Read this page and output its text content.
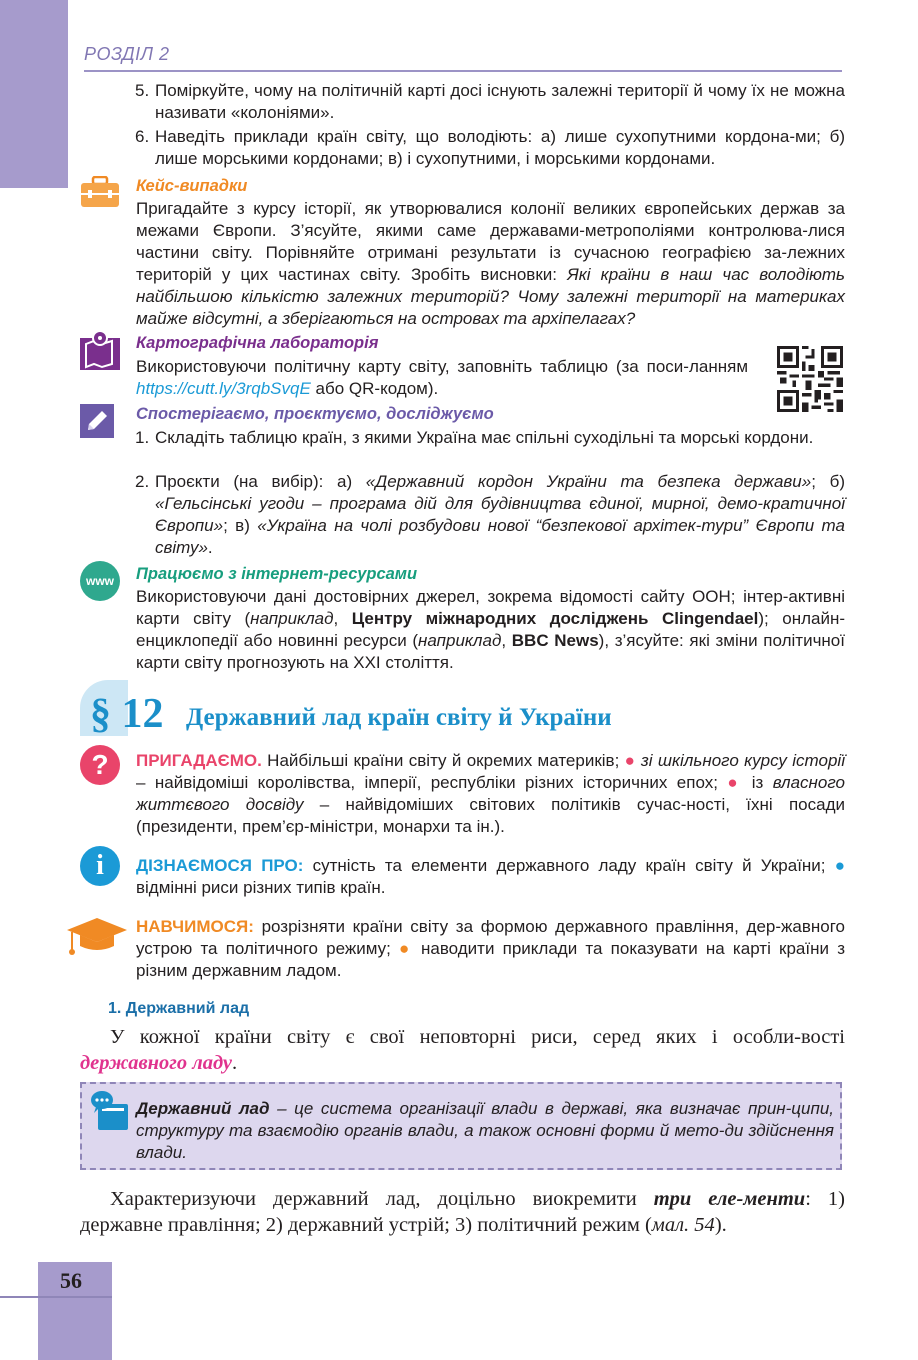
РОЗДІЛ 2
5. Поміркуйте, чому на політичній карті досі існують залежні території й чому їх не можна називати «колоніями».
6. Наведіть приклади країн світу, що володіють: а) лише сухопутними кордона-ми; б) лише морськими кордонами; в) і сухопутними, і морськими кордонами.
Кейс-випадки
Пригадайте з курсу історії, як утворювалися колонії великих європейських держав за межами Європи. З’ясуйте, якими саме державами-метрополіями контролюва-лися частини світу. Порівняйте отримані результати із сучасною географією за-лежних територій у цих частинах світу. Зробіть висновки: Які країни в наш час володіють найбільшою кількістю залежних територій? Чому залежні території на материках майже відсутні, а зберігаються на островах та архіпелагах?
Картографічна лабораторія
Використовуючи політичну карту світу, заповніть таблицю (за поси-ланням https://cutt.ly/3rqbSvqE або QR-кодом).
Спостерігаємо, проєктуємо, досліджуємо
1. Складіть таблицю країн, з якими Україна має спільні суходільні та морські кордони.
2. Проєкти (на вибір): а) «Державний кордон України та безпека держави»; б) «Гельсінські угоди – програма дій для будівництва єдиної, мирної, демо-кратичної Європи»; в) «Україна на чолі розбудови нової “безпекової архітек-тури” Європи та світу».
www	Працюємо з інтернет-ресурсами
Використовуючи дані достовірних джерел, зокрема відомості сайту ООН; інтер-активні карти світу (наприклад, Центру міжнародних досліджень Clingendael); онлайн-енциклопедії або новинні ресурси (наприклад, BBC News), з’ясуйте: які зміни політичної карти світу прогнозують на XXI століття.
§ 12 Державний лад країн світу й України
?	ПРИГАДАЄМО. Найбільші країни світу й окремих материків; ● зі шкільного курсу історії – найвідоміші королівства, імперії, республіки різних історичних епох; ● із власного життєвого досвіду – найвідоміших світових політиків сучас-ності, їхні посади (президенти, прем’єр-міністри, монархи та ін.).
i	ДІЗНАЄМОСЯ ПРО: сутність та елементи державного ладу країн світу й України; ● відмінні риси різних типів країн.
НАВЧИМОСЯ: розрізняти країни світу за формою державного правління, дер-жавного устрою та політичного режиму; ● наводити приклади та показувати на карті країни з різним державним ладом.
1. Державний лад
У кожної країни світу є свої неповторні риси, серед яких і особли-вості державного ладу.
Державний лад – це система організації влади в державі, яка визначає прин-ципи, структуру та взаємодію органів влади, а також основні форми й мето-ди здійснення влади.
Характеризуючи державний лад, доцільно виокремити три еле-менти: 1) державне правління; 2) державний устрій; 3) політичний режим (мал. 54).
56
